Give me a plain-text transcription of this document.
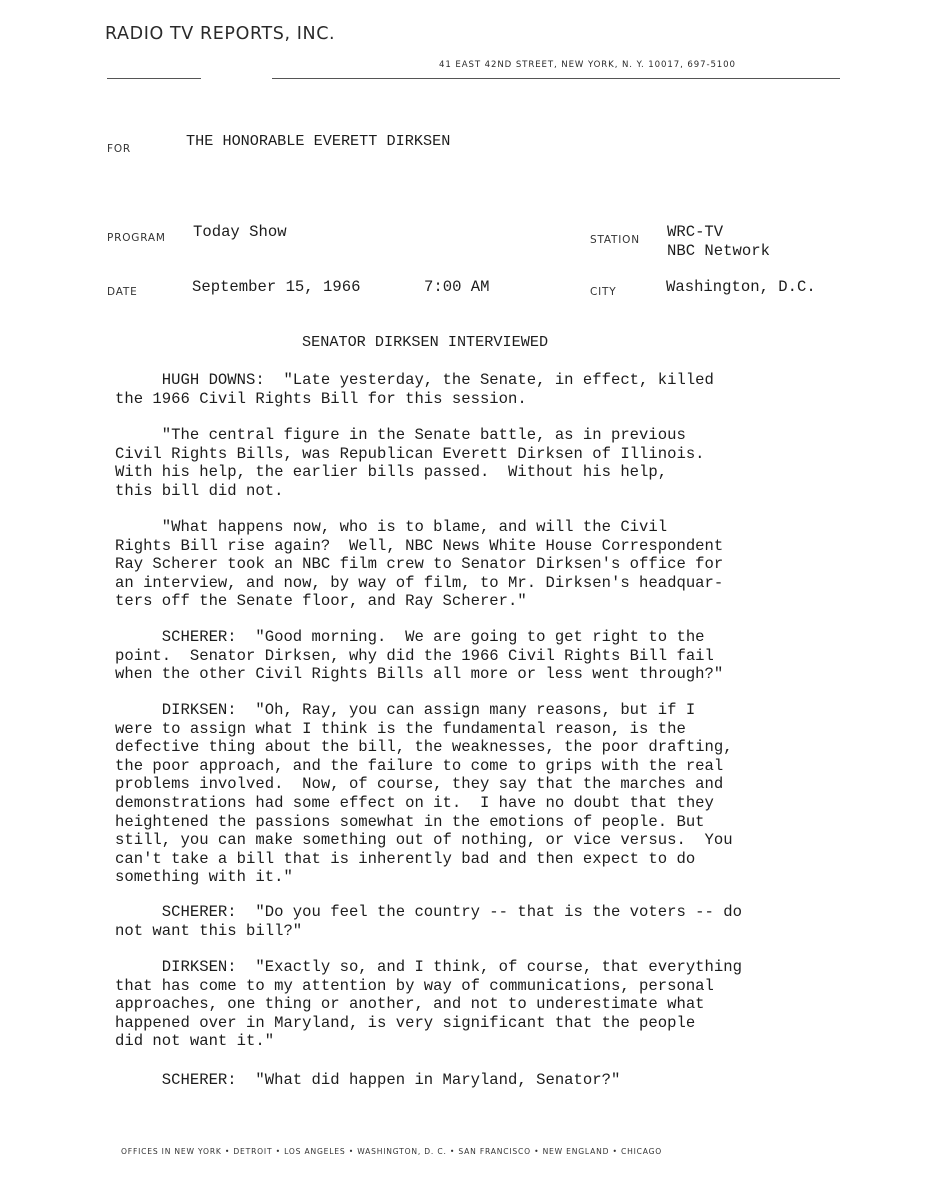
RADIO TV REPORTS, INC.
41 EAST 42ND STREET, NEW YORK, N. Y. 10017, 697-5100
FOR	THE HONORABLE EVERETT DIRKSEN
PROGRAM Today Show	STATION WRC-TV
NBC Network
DATE	September 15, 1966	7:00 AM	CITY	Washington, D.C.
SENATOR DIRKSEN INTERVIEWED
HUGH DOWNS:  "Late yesterday, the Senate, in effect, killed
the 1966 Civil Rights Bill for this session.
"The central figure in the Senate battle, as in previous
Civil Rights Bills, was Republican Everett Dirksen of Illinois.
With his help, the earlier bills passed.  Without his help,
this bill did not.
"What happens now, who is to blame, and will the Civil
Rights Bill rise again?  Well, NBC News White House Correspondent
Ray Scherer took an NBC film crew to Senator Dirksen's office for
an interview, and now, by way of film, to Mr. Dirksen's headquar-
ters off the Senate floor, and Ray Scherer."
SCHERER:  "Good morning.  We are going to get right to the
point.  Senator Dirksen, why did the 1966 Civil Rights Bill fail
when the other Civil Rights Bills all more or less went through?"
DIRKSEN:  "Oh, Ray, you can assign many reasons, but if I
were to assign what I think is the fundamental reason, is the
defective thing about the bill, the weaknesses, the poor drafting,
the poor approach, and the failure to come to grips with the real
problems involved.  Now, of course, they say that the marches and
demonstrations had some effect on it.  I have no doubt that they
heightened the passions somewhat in the emotions of people. But
still, you can make something out of nothing, or vice versus.  You
can't take a bill that is inherently bad and then expect to do
something with it."
SCHERER:  "Do you feel the country -- that is the voters -- do
not want this bill?"
DIRKSEN:  "Exactly so, and I think, of course, that everything
that has come to my attention by way of communications, personal
approaches, one thing or another, and not to underestimate what
happened over in Maryland, is very significant that the people
did not want it."
SCHERER:  "What did happen in Maryland, Senator?"
OFFICES IN NEW YORK • DETROIT • LOS ANGELES • WASHINGTON, D. C. • SAN FRANCISCO • NEW ENGLAND • CHICAGO
